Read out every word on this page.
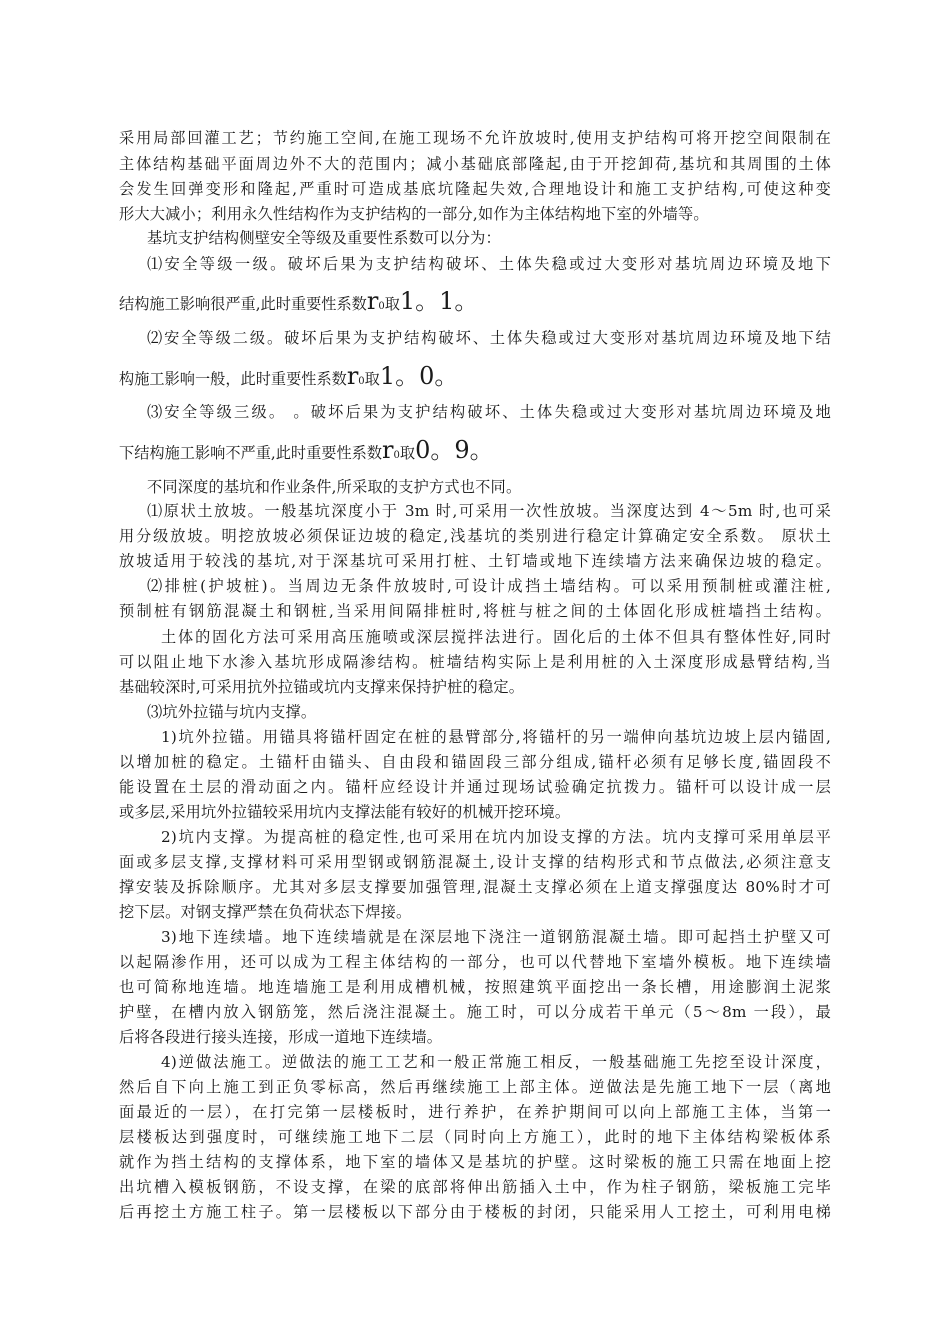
采用局部回灌工艺；节约施工空间,在施工现场不允许放坡时,使用支护结构可将开挖空间限制在
主体结构基础平面周边外不大的范围内；减小基础底部隆起,由于开挖卸荷,基坑和其周围的土体
会发生回弹变形和隆起,严重时可造成基底坑隆起失效,合理地设计和施工支护结构,可使这种变
形大大减小；利用永久性结构作为支护结构的一部分,如作为主体结构地下室的外墙等。
基坑支护结构侧壁安全等级及重要性系数可以分为：
⑴安全等级一级。破坏后果为支护结构破坏、土体失稳或过大变形对基坑周边环境及地下
结构施工影响很严重,此时重要性系数r0取1。1。
⑵安全等级二级。破坏后果为支护结构破坏、土体失稳或过大变形对基坑周边环境及地下结
构施工影响一般，此时重要性系数r0取1。0。
⑶安全等级三级。 。破坏后果为支护结构破坏、土体失稳或过大变形对基坑周边环境及地
下结构施工影响不严重,此时重要性系数r0取0。9。
不同深度的基坑和作业条件,所采取的支护方式也不同。
⑴原状土放坡。一般基坑深度小于 3m 时,可采用一次性放坡。当深度达到 4～5m 时,也可采
用分级放坡。明挖放坡必须保证边坡的稳定,浅基坑的类别进行稳定计算确定安全系数。 原状土
放坡适用于较浅的基坑,对于深基坑可采用打桩、土钉墙或地下连续墙方法来确保边坡的稳定。
⑵排桩(护坡桩)。当周边无条件放坡时,可设计成挡土墙结构。可以采用预制桩或灌注桩,
预制桩有钢筋混凝土和钢桩,当采用间隔排桩时,将桩与桩之间的土体固化形成桩墙挡土结构。
土体的固化方法可采用高压施喷或深层搅拌法进行。固化后的土体不但具有整体性好,同时
可以阻止地下水渗入基坑形成隔渗结构。桩墙结构实际上是利用桩的入土深度形成悬臂结构,当
基础较深时,可采用抗外拉锚或坑内支撑来保持护桩的稳定。
⑶坑外拉锚与坑内支撑。
1)坑外拉锚。用锚具将锚杆固定在桩的悬臂部分,将锚杆的另一端伸向基坑边坡上层内锚固,
以增加桩的稳定。土锚杆由锚头、自由段和锚固段三部分组成,锚杆必须有足够长度,锚固段不
能设置在土层的滑动面之内。锚杆应经设计并通过现场试验确定抗拨力。锚杆可以设计成一层
或多层,采用坑外拉锚较采用坑内支撑法能有较好的机械开挖环境。
2)坑内支撑。为提高桩的稳定性,也可采用在坑内加设支撑的方法。坑内支撑可采用单层平
面或多层支撑,支撑材料可采用型钢或钢筋混凝土,设计支撑的结构形式和节点做法,必须注意支
撑安装及拆除顺序。尤其对多层支撑要加强管理,混凝土支撑必须在上道支撑强度达 80%时才可
挖下层。对钢支撑严禁在负荷状态下焊接。
3)地下连续墙。地下连续墙就是在深层地下浇注一道钢筋混凝土墙。即可起挡土护壁又可
以起隔渗作用，还可以成为工程主体结构的一部分，也可以代替地下室墙外模板。地下连续墙
也可简称地连墙。地连墙施工是利用成槽机械，按照建筑平面挖出一条长槽，用途膨润土泥浆
护壁，在槽内放入钢筋笼，然后浇注混凝土。施工时，可以分成若干单元（5～8m 一段），最
后将各段进行接头连接，形成一道地下连续墙。
4)逆做法施工。逆做法的施工工艺和一般正常施工相反，一般基础施工先挖至设计深度，
然后自下向上施工到正负零标高，然后再继续施工上部主体。逆做法是先施工地下一层（离地
面最近的一层），在打完第一层楼板时，进行养护，在养护期间可以向上部施工主体，当第一
层楼板达到强度时，可继续施工地下二层（同时向上方施工），此时的地下主体结构梁板体系
就作为挡土结构的支撑体系，地下室的墙体又是基坑的护壁。这时梁板的施工只需在地面上挖
出坑槽入模板钢筋，不设支撑，在梁的底部将伸出筋插入土中，作为柱子钢筋，梁板施工完毕
后再挖土方施工柱子。第一层楼板以下部分由于楼板的封闭，只能采用人工挖土，可利用电梯
